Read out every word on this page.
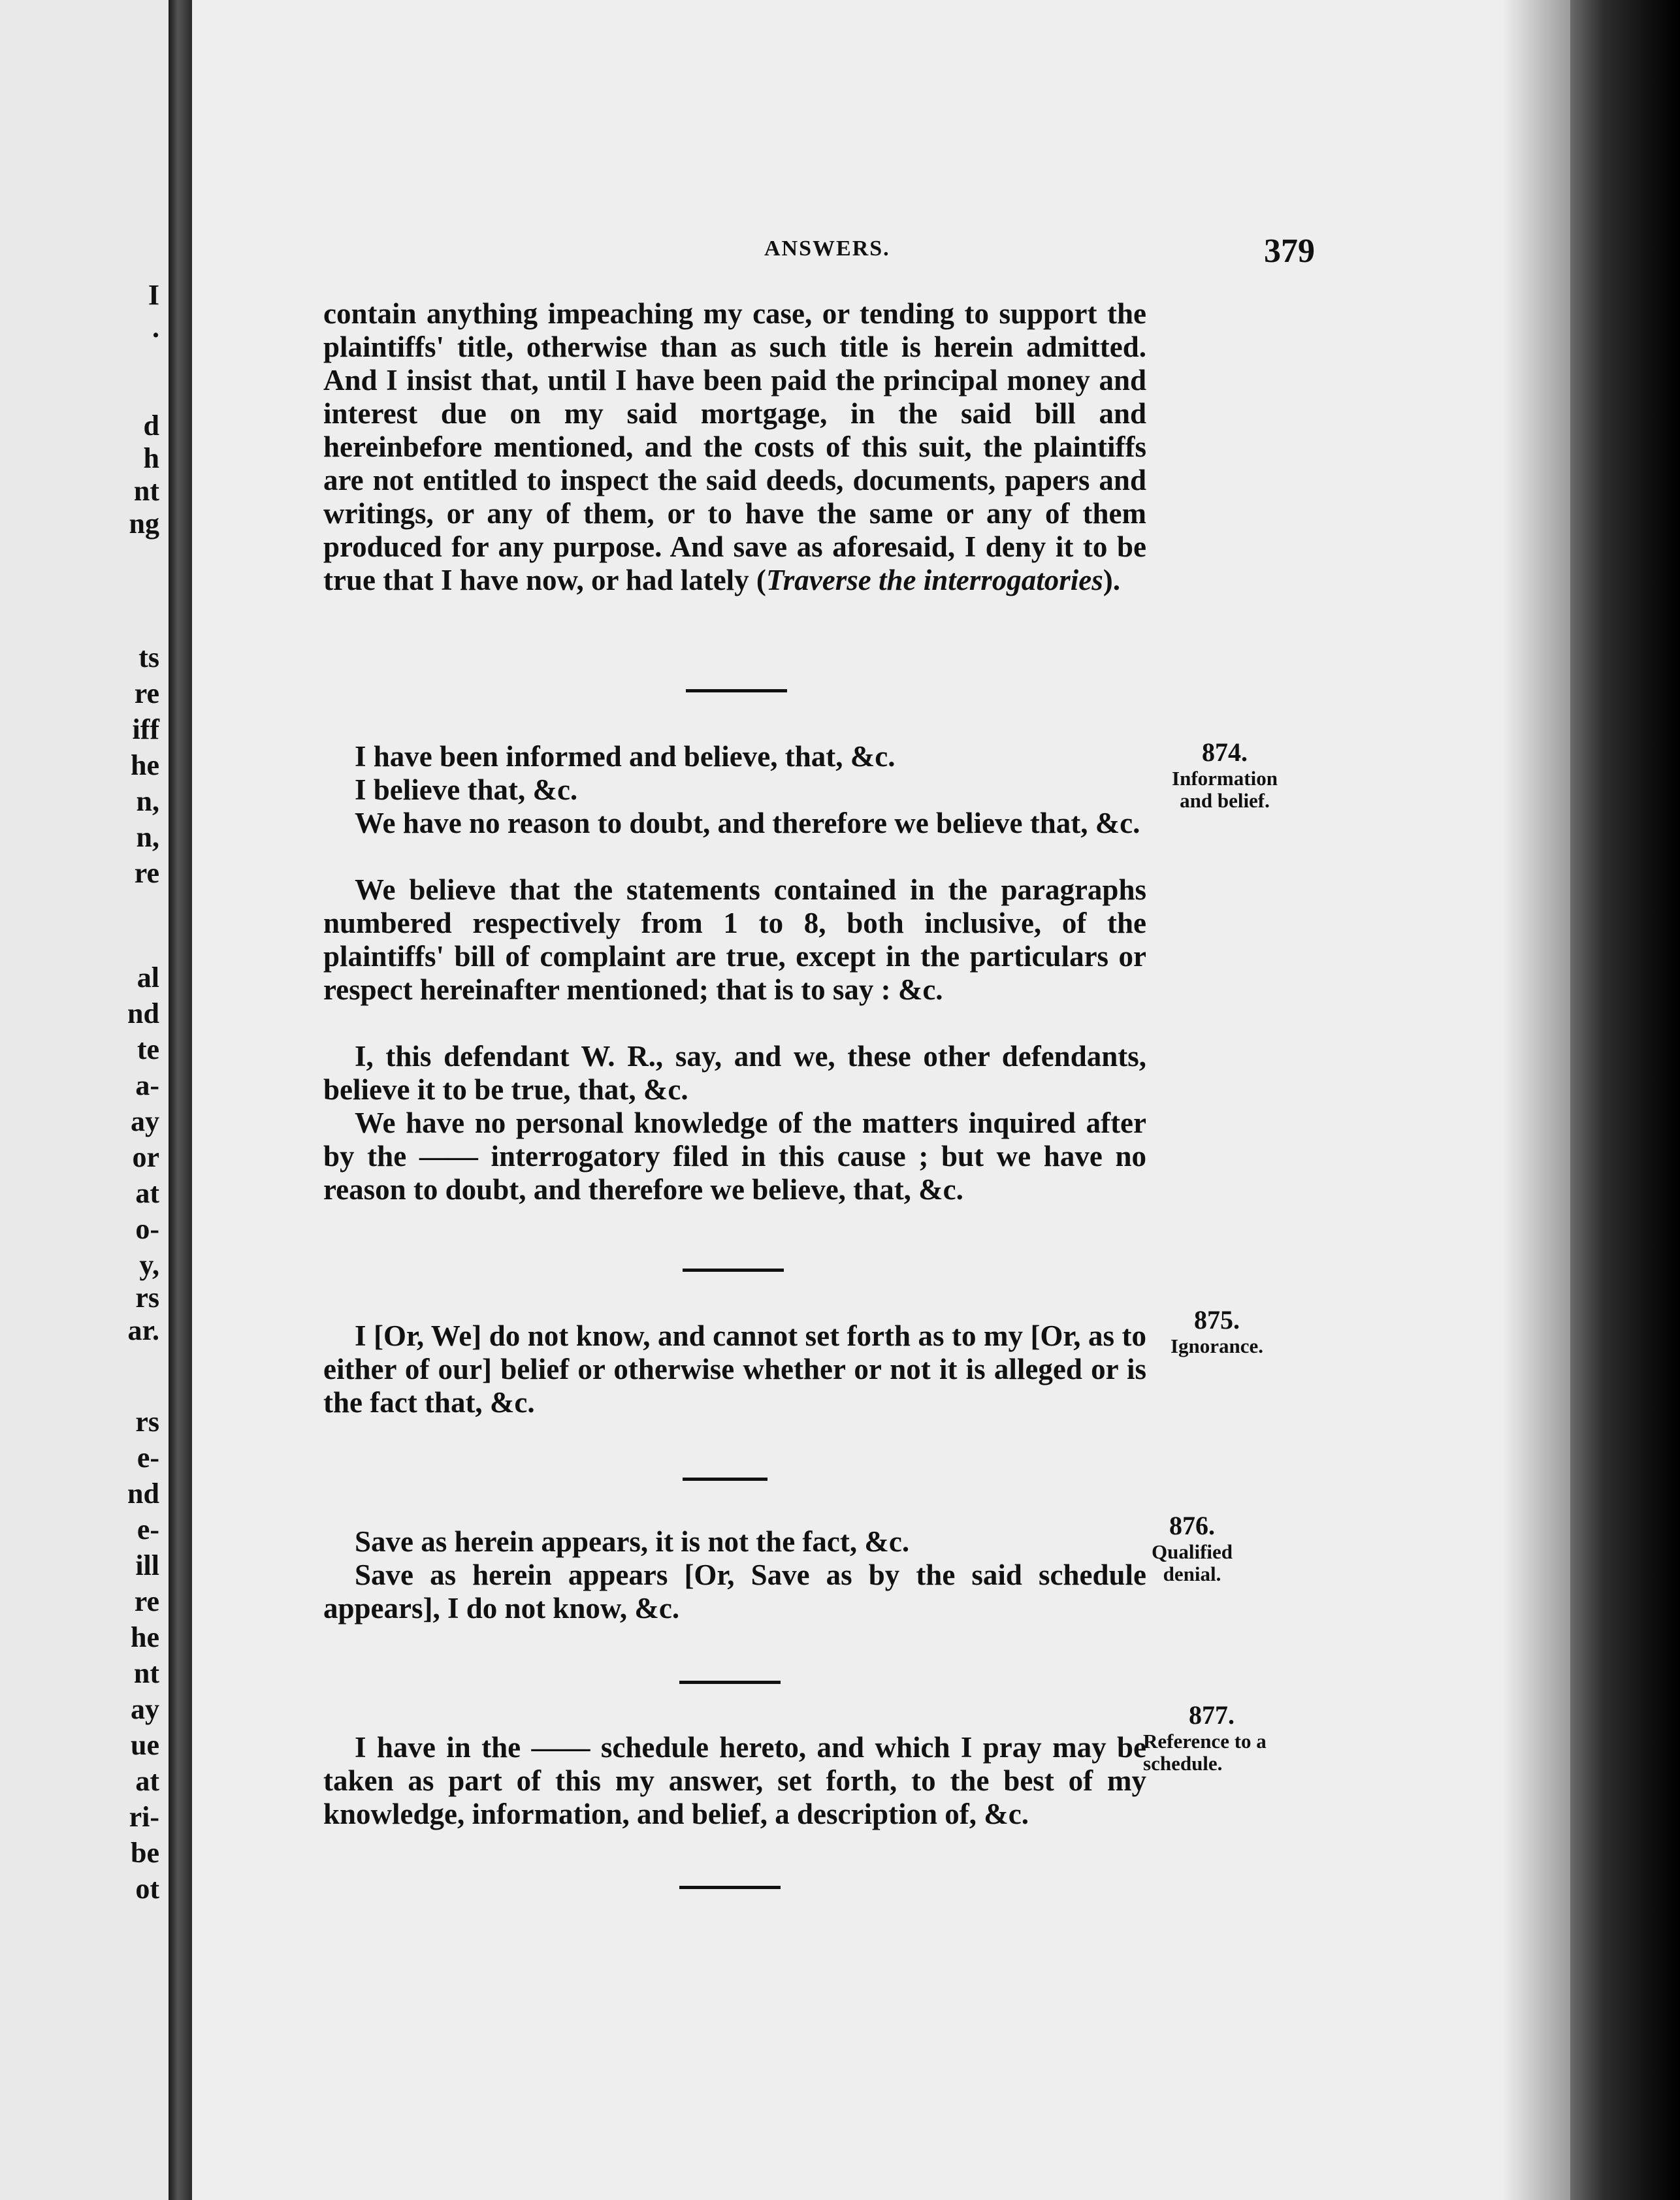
I

.

d

h

nt

ng

ts

re

iff

he

n,

n,

re

al

nd

te

a-

ay

or

at

o-

y,

rs

ar.

rs

e-

nd

e-

ill

re

he

nt

ay

ue

at

ri-

be

ot

ANSWERS.	379

contain anything impeaching my case, or tending to support the plaintiffs' title, otherwise than as such title is herein admitted. And I insist that, until I have been paid the principal money and interest due on my said mortgage, in the said bill and hereinbefore mentioned, and the costs of this suit, the plaintiffs are not entitled to inspect the said deeds, documents, papers and writings, or any of them, or to have the same or any of them produced for any purpose. And save as aforesaid, I deny it to be true that I have now, or had lately (Traverse the interrogatories).

I have been informed and believe, that, &c.

I believe that, &c.

We have no reason to doubt, and therefore we believe that, &c.

We believe that the statements contained in the paragraphs numbered respectively from 1 to 8, both inclusive, of the plaintiffs' bill of complaint are true, except in the particulars or respect hereinafter mentioned; that is to say : &c.

I, this defendant W. R., say, and we, these other defendants, believe it to be true, that, &c.

We have no personal knowledge of the matters inquired after by the —— interrogatory filed in this cause ; but we have no reason to doubt, and therefore we believe, that, &c.

874.
Information and belief.

I [Or, We] do not know, and cannot set forth as to my [Or, as to either of our] belief or otherwise whether or not it is alleged or is the fact that, &c.

875.
Ignorance.

Save as herein appears, it is not the fact, &c.

Save as herein appears [Or, Save as by the said schedule appears], I do not know, &c.

876.
Qualified denial.

I have in the —— schedule hereto, and which I pray may be taken as part of this my answer, set forth, to the best of my knowledge, information, and belief, a description of, &c.

877.
Reference to a schedule.
